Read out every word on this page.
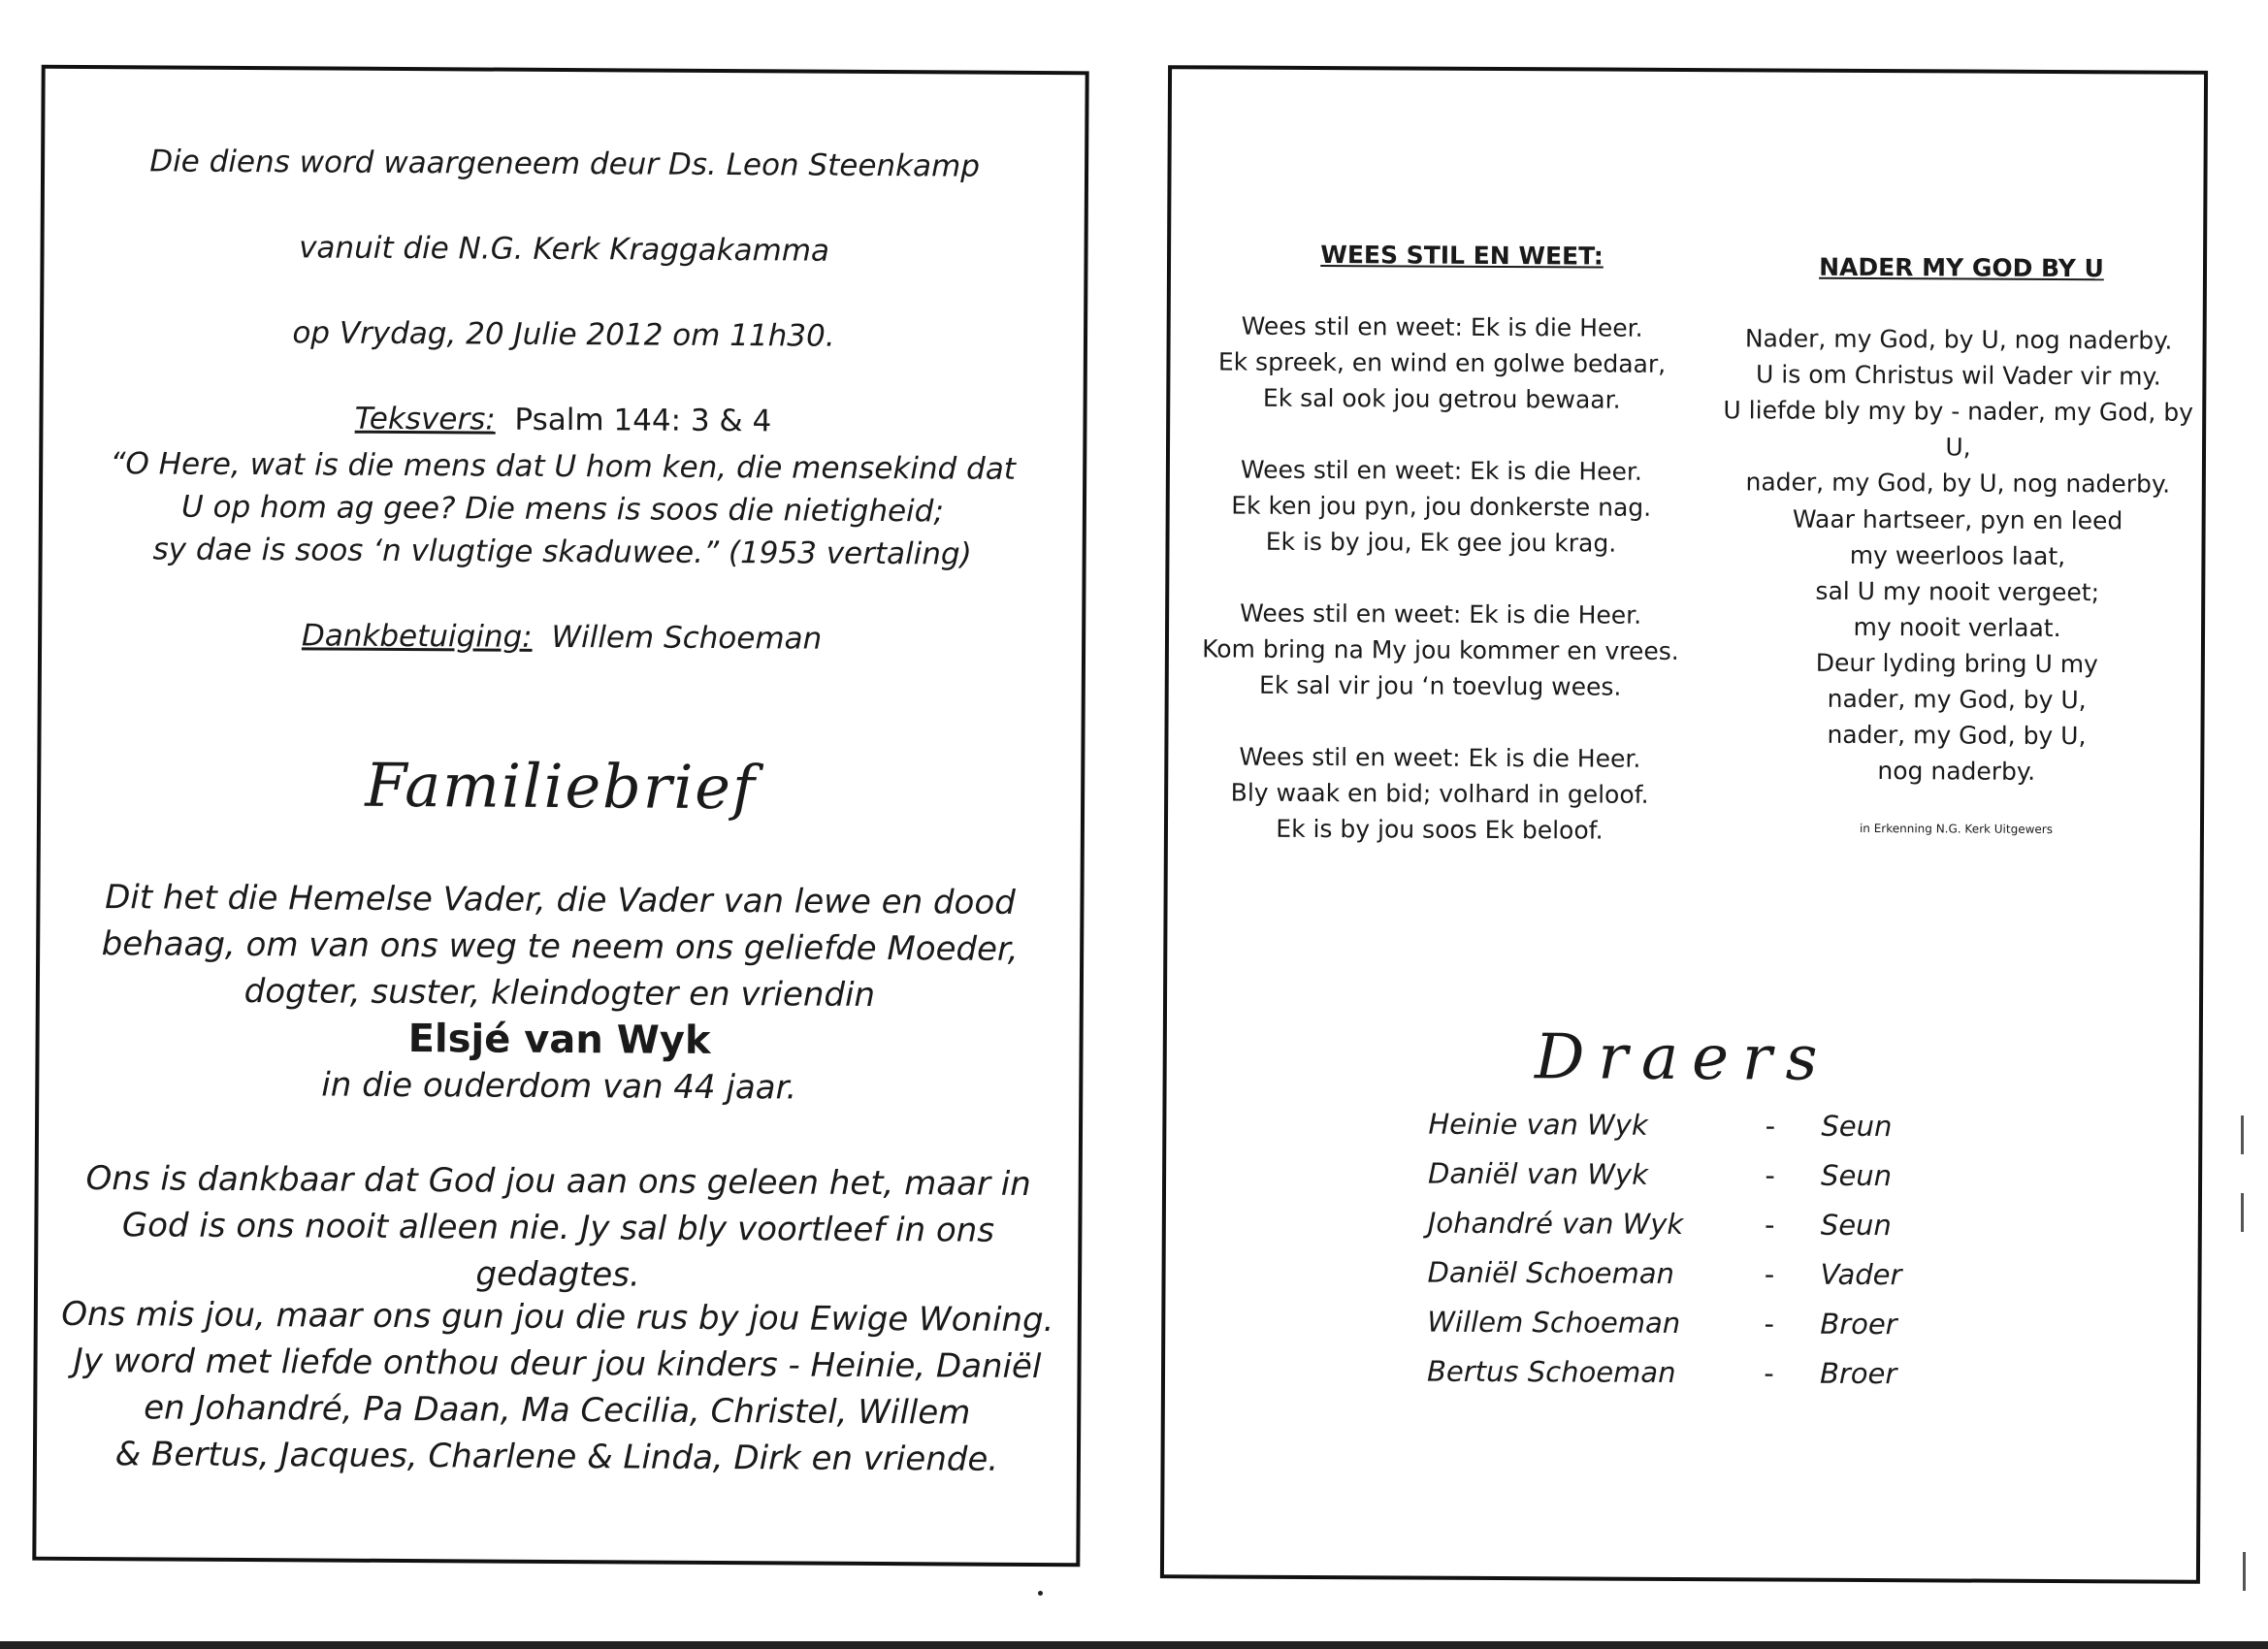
Die diens word waargeneem deur Ds. Leon Steenkamp
vanuit die N.G. Kerk Kraggakamma
op Vrydag, 20 Julie 2012 om 11h30.
Teksvers: Psalm 144: 3 & 4
“O Here, wat is die mens dat U hom ken, die mensekind dat
U op hom ag gee? Die mens is soos die nietigheid;
sy dae is soos ‘n vlugtige skaduwee.” (1953 vertaling)
Dankbetuiging: Willem Schoeman
Familiebrief
Dit het die Hemelse Vader, die Vader van lewe en dood
behaag, om van ons weg te neem ons geliefde Moeder,
dogter, suster, kleindogter en vriendin
Elsjé van Wyk
in die ouderdom van 44 jaar.
Ons is dankbaar dat God jou aan ons geleen het, maar in
God is ons nooit alleen nie. Jy sal bly voortleef in ons gedagtes.
Ons mis jou, maar ons gun jou die rus by jou Ewige Woning.
Jy word met liefde onthou deur jou kinders - Heinie, Daniël
en Johandré, Pa Daan, Ma Cecilia, Christel, Willem
& Bertus, Jacques, Charlene & Linda, Dirk en vriende.
WEES STIL EN WEET:
Wees stil en weet: Ek is die Heer.
Ek spreek, en wind en golwe bedaar,
Ek sal ook jou getrou bewaar.
Wees stil en weet: Ek is die Heer.
Ek ken jou pyn, jou donkerste nag.
Ek is by jou, Ek gee jou krag.
Wees stil en weet: Ek is die Heer.
Kom bring na My jou kommer en vrees.
Ek sal vir jou ‘n toevlug wees.
Wees stil en weet: Ek is die Heer.
Bly waak en bid; volhard in geloof.
Ek is by jou soos Ek beloof.
NADER MY GOD BY U
Nader, my God, by U, nog naderby.
U is om Christus wil Vader vir my.
U liefde bly my by - nader, my God, by U,
nader, my God, by U, nog naderby.
Waar hartseer, pyn en leed
my weerloos laat,
sal U my nooit vergeet;
my nooit verlaat.
Deur lyding bring U my
nader, my God, by U,
nader, my God, by U,
nog naderby.
in Erkenning N.G. Kerk Uitgewers
Draers
Heinie van Wyk	-	Seun
Daniël van Wyk	-	Seun
Johandré van Wyk	-	Seun
Daniël Schoeman	-	Vader
Willem Schoeman	-	Broer
Bertus Schoeman	-	Broer
